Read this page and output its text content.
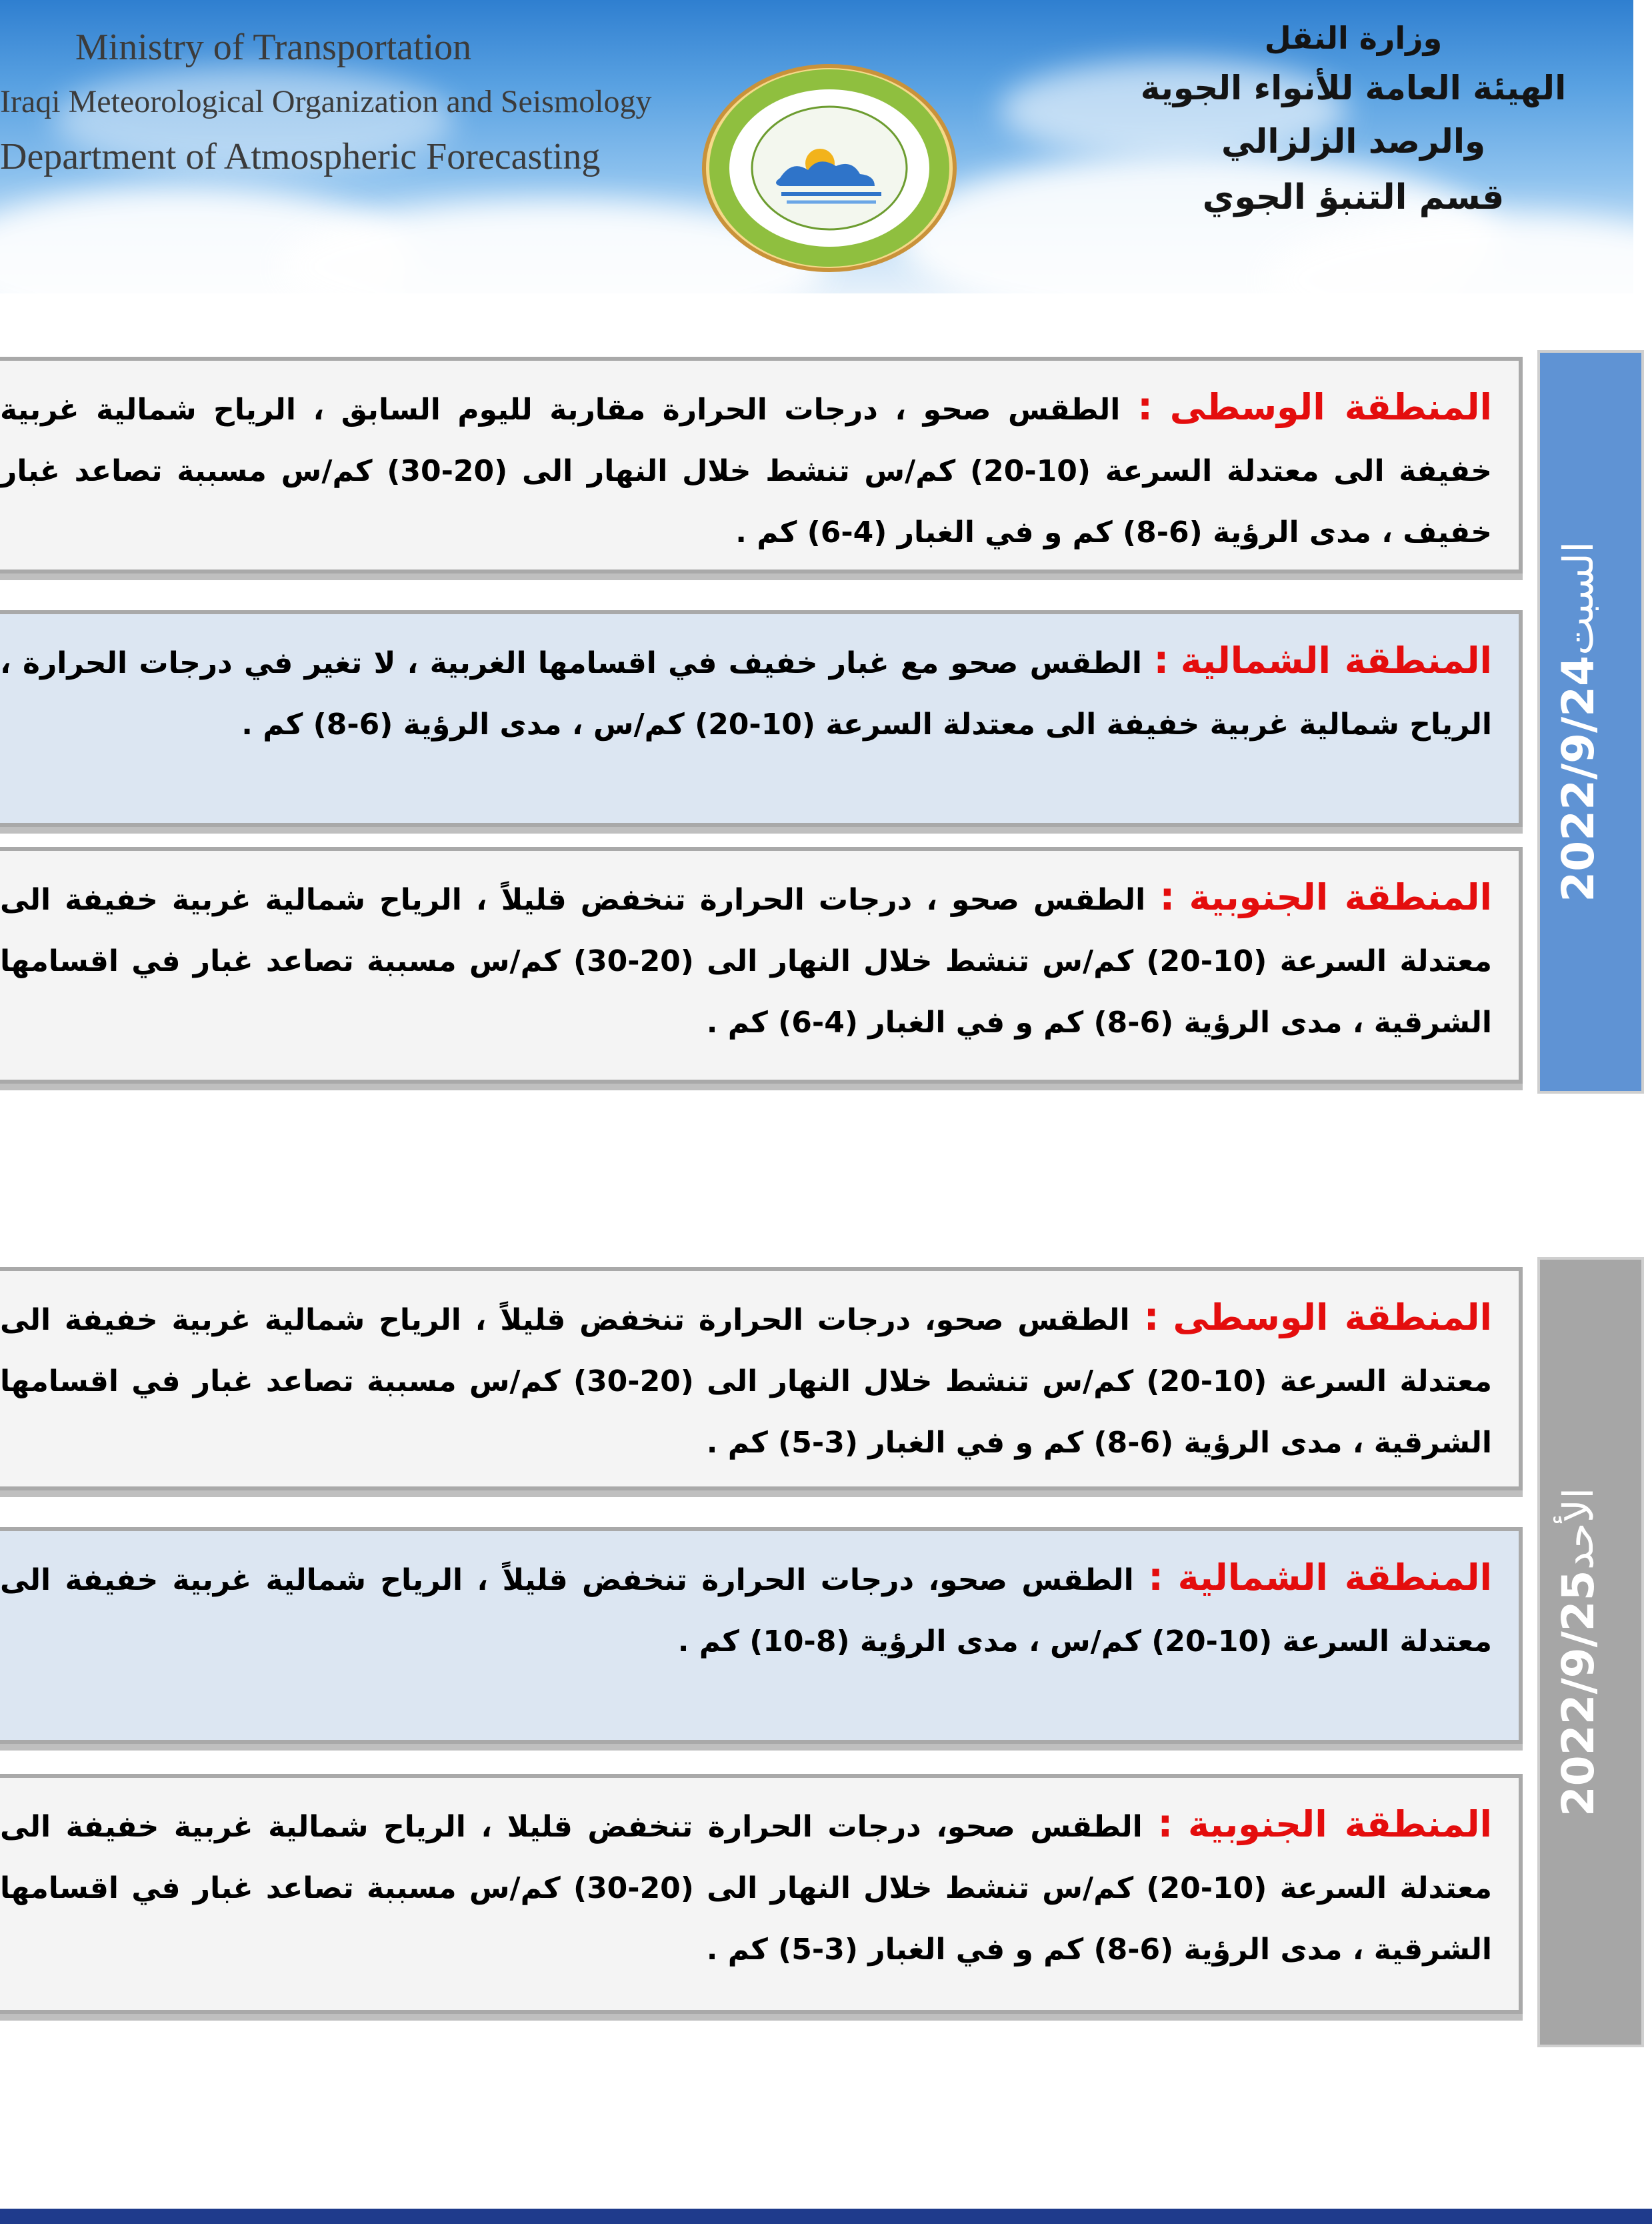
Ministry of Transportation
Iraqi Meteorological Organization and Seismology
Department of Atmospheric Forecasting
وزارة النقل
الهيئة العامة للأنواء الجوية والرصد الزلزالي
قسم التنبؤ الجوي
2022/9/24السبت
المنطقة الوسطى : الطقس صحو ، درجات الحرارة مقاربة لليوم السابق ، الرياح شمالية غربية خفيفة الى معتدلة السرعة (10-20) كم/س تنشط خلال النهار الى (20-30) كم/س مسببة تصاعد غبار خفيف ، مدى الرؤية (6-8) كم و في الغبار (4-6) كم .
المنطقة الشمالية : الطقس صحو مع غبار خفيف في اقسامها الغربية ، لا تغير في درجات الحرارة ، الرياح شمالية غربية خفيفة الى معتدلة السرعة (10-20) كم/س ، مدى الرؤية (6-8) كم .
المنطقة الجنوبية : الطقس صحو ، درجات الحرارة تنخفض قليلاً ، الرياح شمالية غربية خفيفة الى معتدلة السرعة (10-20) كم/س تنشط خلال النهار الى (20-30) كم/س مسببة تصاعد غبار في اقسامها الشرقية ، مدى الرؤية (6-8) كم و في الغبار (4-6) كم .
2022/9/25الأحد
المنطقة الوسطى : الطقس صحو، درجات الحرارة تنخفض قليلاً ، الرياح شمالية غربية خفيفة الى معتدلة السرعة (10-20) كم/س تنشط خلال النهار الى (20-30) كم/س مسببة تصاعد غبار في اقسامها الشرقية ، مدى الرؤية (6-8) كم و في الغبار (3-5) كم .
المنطقة الشمالية : الطقس صحو، درجات الحرارة تنخفض قليلاً ، الرياح شمالية غربية خفيفة الى معتدلة السرعة (10-20) كم/س ، مدى الرؤية (8-10) كم .
المنطقة الجنوبية : الطقس صحو، درجات الحرارة تنخفض قليلا ، الرياح شمالية غربية خفيفة الى معتدلة السرعة (10-20) كم/س تنشط خلال النهار الى (20-30) كم/س مسببة تصاعد غبار في اقسامها الشرقية ، مدى الرؤية (6-8) كم و في الغبار (3-5) كم .
